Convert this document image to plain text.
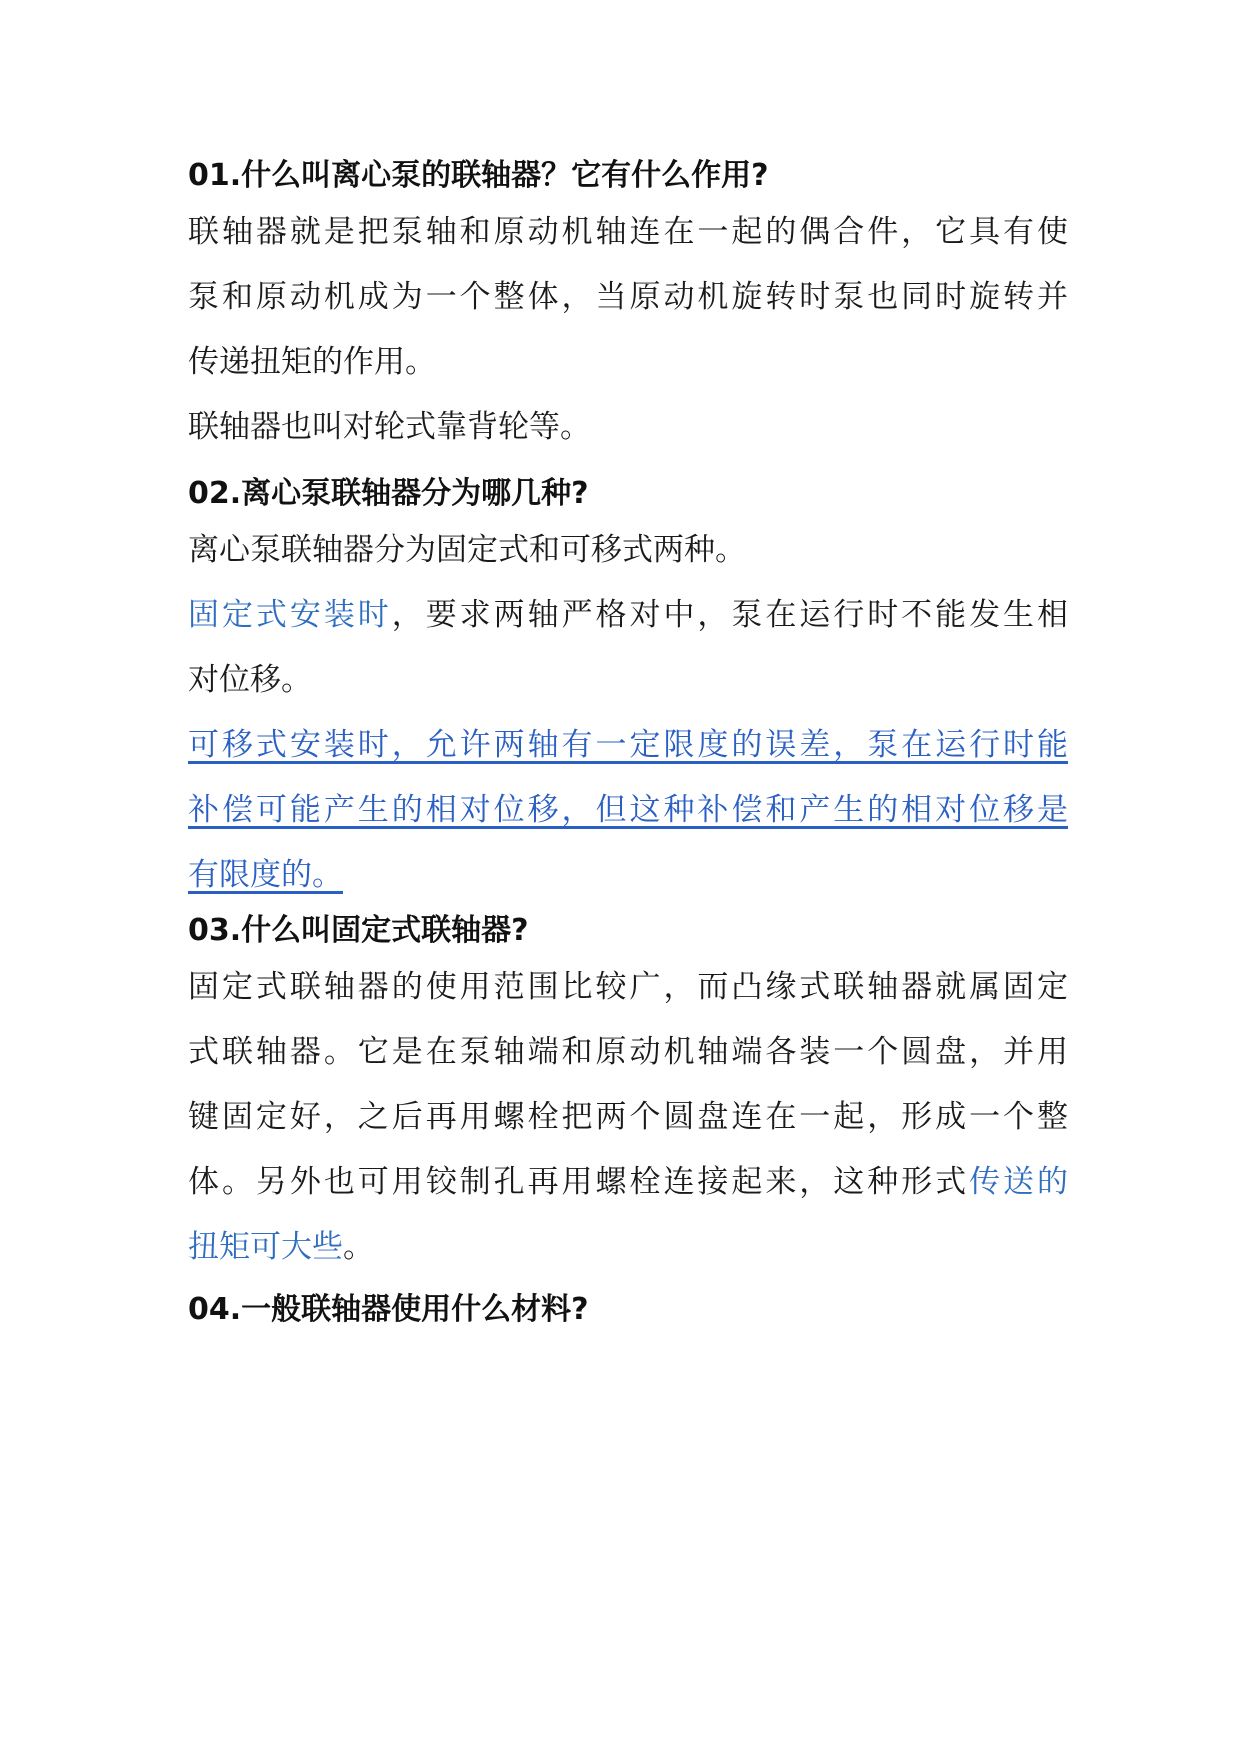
01.什么叫离心泵的联轴器？它有什么作用?
联轴器就是把泵轴和原动机轴连在一起的偶合件，它具有使
泵和原动机成为一个整体，当原动机旋转时泵也同时旋转并
传递扭矩的作用。
联轴器也叫对轮式靠背轮等。
02.离心泵联轴器分为哪几种?
离心泵联轴器分为固定式和可移式两种。
固定式安装时，要求两轴严格对中，泵在运行时不能发生相
对位移。
可移式安装时，允许两轴有一定限度的误差，泵在运行时能
补偿可能产生的相对位移，但这种补偿和产生的相对位移是
有限度的。
03.什么叫固定式联轴器?
固定式联轴器的使用范围比较广，而凸缘式联轴器就属固定
式联轴器。它是在泵轴端和原动机轴端各装一个圆盘，并用
键固定好，之后再用螺栓把两个圆盘连在一起，形成一个整
体。另外也可用铰制孔再用螺栓连接起来，这种形式传送的
扭矩可大些。
04.一般联轴器使用什么材料?
